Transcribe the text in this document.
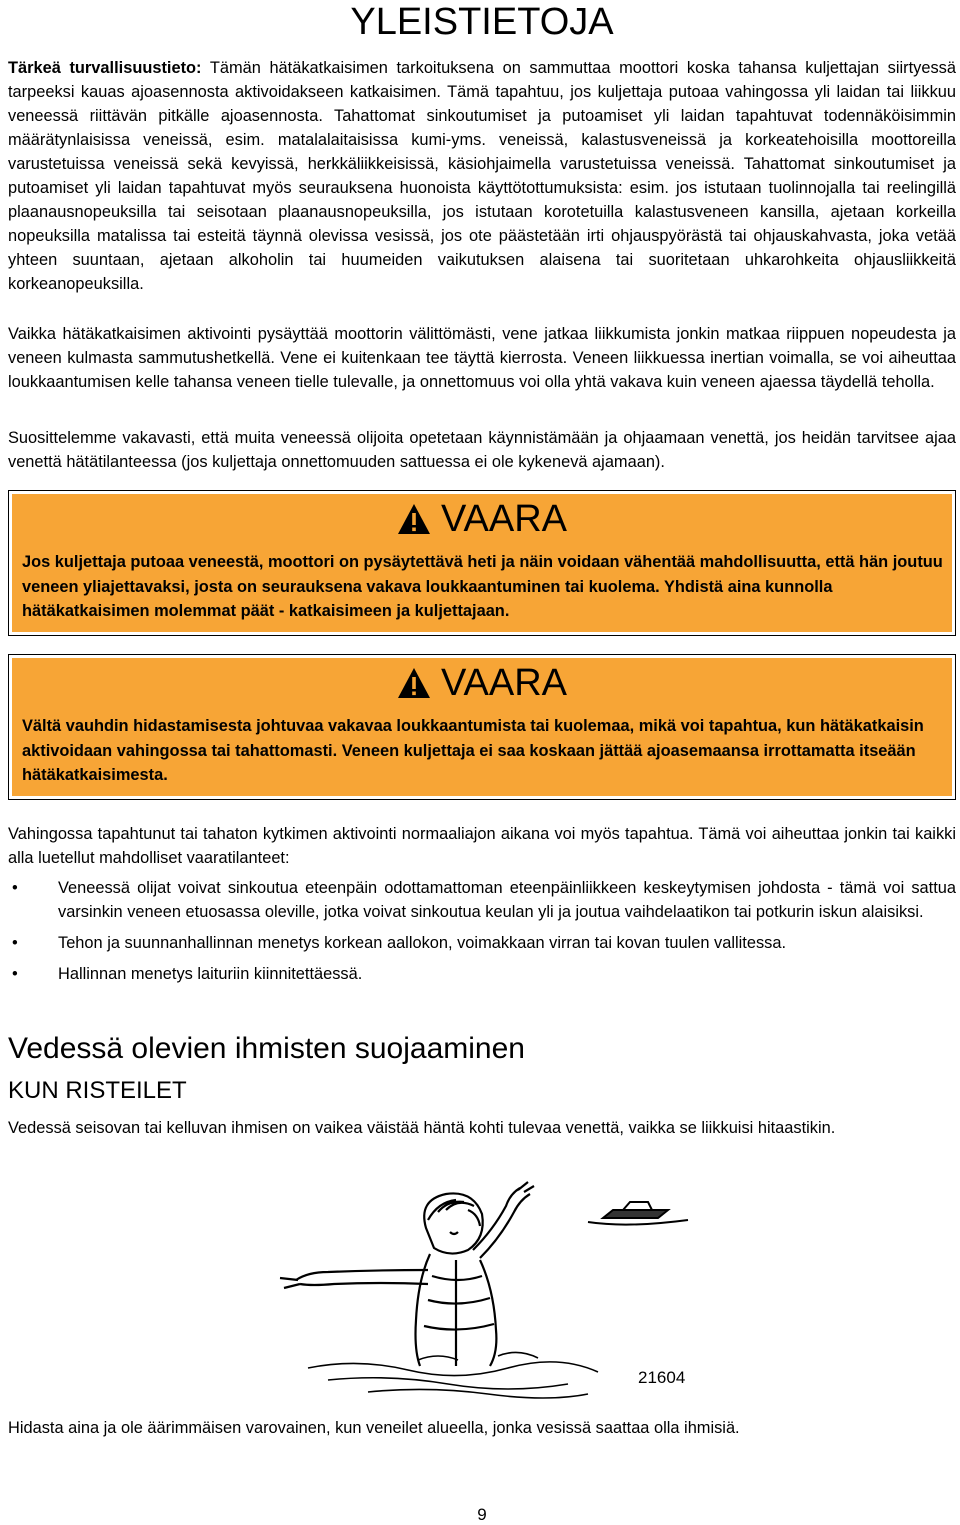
YLEISTIETOJA

Tärkeä turvallisuustieto: Tämän hätäkatkaisimen tarkoituksena on sammuttaa moottori koska tahansa kuljettajan siirtyessä tarpeeksi kauas ajoasennosta aktivoidakseen katkaisimen. Tämä tapahtuu, jos kuljettaja putoaa vahingossa yli laidan tai liikkuu veneessä riittävän pitkälle ajoasennosta. Tahattomat sinkoutumiset ja putoamiset yli laidan tapahtuvat todennäköisimmin määrätynlaisissa veneissä, esim. matalalaitaisissa kumi-yms. veneissä, kalastusveneissä ja korkeatehoisilla moottoreilla varustetuissa veneissä sekä kevyissä, herkkäliikkeisissä, käsiohjaimella varustetuissa veneissä. Tahattomat sinkoutumiset ja putoamiset yli laidan tapahtuvat myös seurauksena huonoista käyttötottumuksista: esim. jos istutaan tuolinnojalla tai reelingillä plaanausnopeuksilla tai seisotaan plaanausnopeuksilla, jos istutaan korotetuilla kalastusveneen kansilla, ajetaan korkeilla nopeuksilla matalissa tai esteitä täynnä olevissa vesissä, jos ote päästetään irti ohjauspyörästä tai ohjauskahvasta, joka vetää yhteen suuntaan, ajetaan alkoholin tai huumeiden vaikutuksen alaisena tai suoritetaan uhkarohkeita ohjausliikkeitä korkeanopeuksilla.

Vaikka hätäkatkaisimen aktivointi pysäyttää moottorin välittömästi, vene jatkaa liikkumista jonkin matkaa riippuen nopeudesta ja veneen kulmasta sammutushetkellä. Vene ei kuitenkaan tee täyttä kierrosta. Veneen liikkuessa inertian voimalla, se voi aiheuttaa loukkaantumisen kelle tahansa veneen tielle tulevalle, ja onnettomuus voi olla yhtä vakava kuin veneen ajaessa täydellä teholla.

Suosittelemme vakavasti, että muita veneessä olijoita opetetaan käynnistämään ja ohjaamaan venettä, jos heidän tarvitsee ajaa venettä hätätilanteessa (jos kuljettaja onnettomuuden sattuessa ei ole kykenevä ajamaan).

VAARA
Jos kuljettaja putoaa veneestä, moottori on pysäytettävä heti ja näin voidaan vähentää mahdollisuutta, että hän joutuu veneen yliajettavaksi, josta on seurauksena vakava loukkaantuminen tai kuolema. Yhdistä aina kunnolla hätäkatkaisimen molemmat päät - katkaisimeen ja kuljettajaan.
VAARA
Vältä vauhdin hidastamisesta johtuvaa vakavaa loukkaantumista tai kuolemaa, mikä voi tapahtua, kun hätäkatkaisin aktivoidaan vahingossa tai tahattomasti. Veneen kuljettaja ei saa koskaan jättää ajoasemaansa irrottamatta itseään hätäkatkaisimesta.

Vahingossa tapahtunut tai tahaton kytkimen aktivointi normaaliajon aikana voi myös tapahtua. Tämä voi aiheuttaa jonkin tai kaikki alla luetellut mahdolliset vaaratilanteet:

• Veneessä olijat voivat sinkoutua eteenpäin odottamattoman eteenpäinliikkeen keskeytymisen johdosta - tämä voi sattua varsinkin veneen etuosassa oleville, jotka voivat sinkoutua keulan yli ja joutua vaihdelaatikon tai potkurin iskun alaisiksi.
• Tehon ja suunnanhallinnan menetys korkean aallokon, voimakkaan virran tai kovan tuulen vallitessa.
• Hallinnan menetys laituriin kiinnitettäessä.
Vedessä olevien ihmisten suojaaminen
KUN RISTEILET

Vedessä seisovan tai kelluvan ihmisen on vaikea väistää häntä kohti tulevaa venettä, vaikka se liikkuisi hitaastikin.

21604

Hidasta aina ja ole äärimmäisen varovainen, kun veneilet alueella, jonka vesissä saattaa olla ihmisiä.

9
